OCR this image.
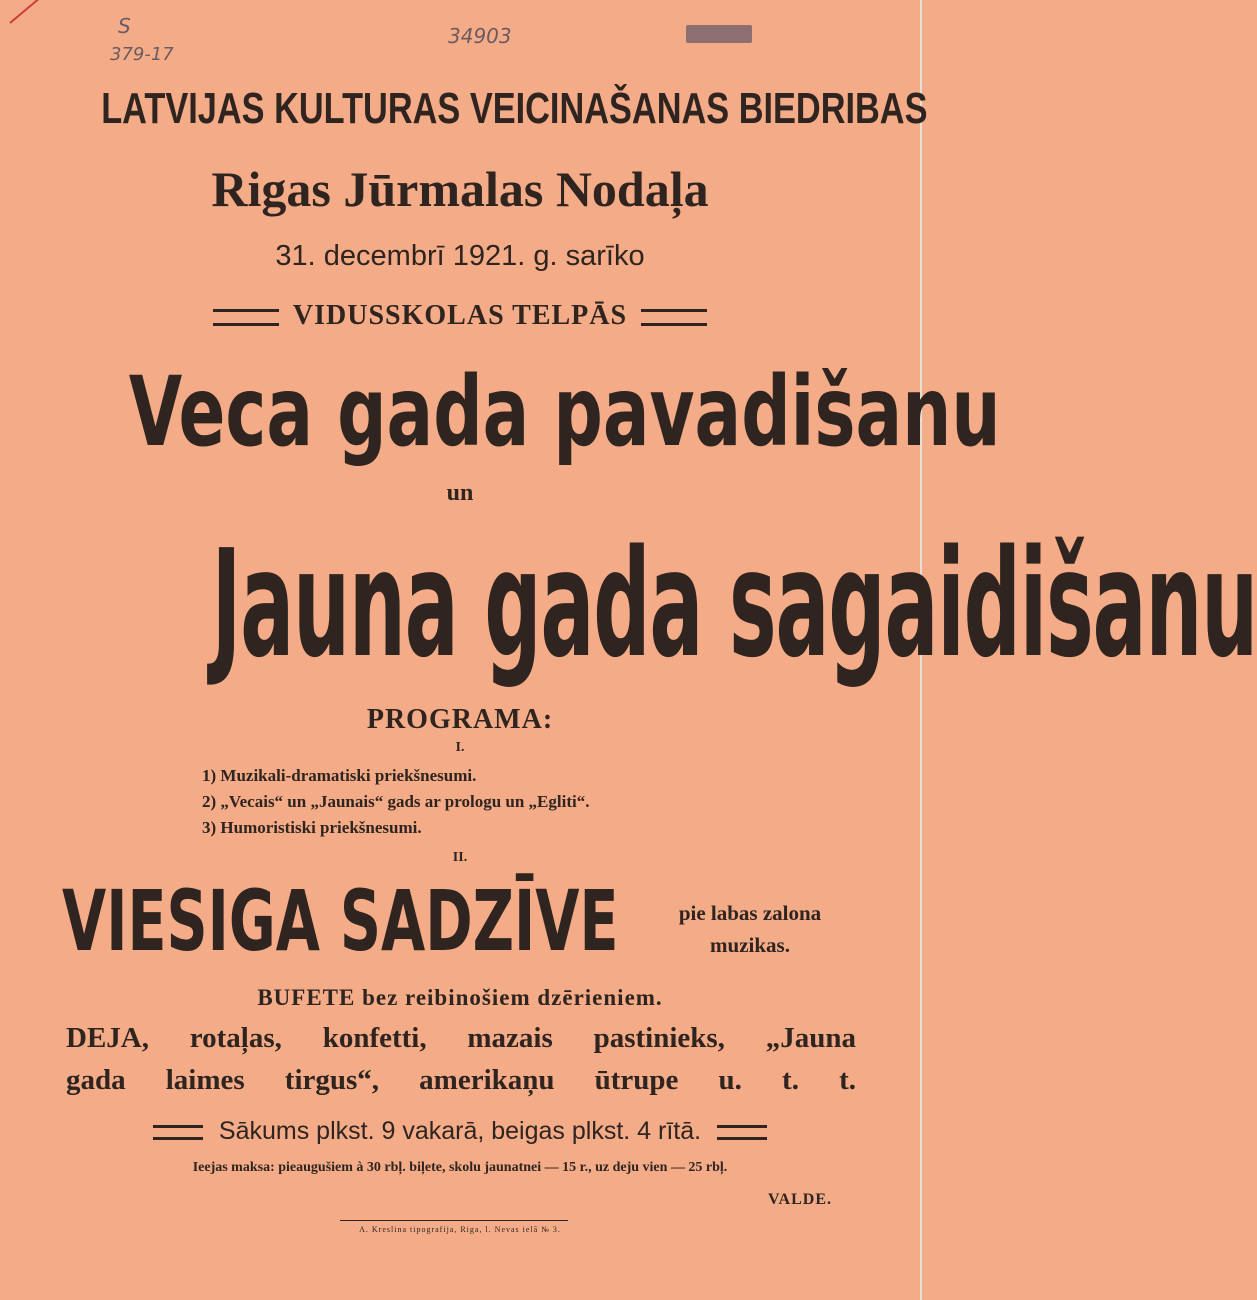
S
379-17
34903
LATVIJAS KULTURAS VEICINAŠANAS BIEDRIBAS
Rigas Jūrmalas Nodaļa
31. decembrī 1921. g. sarīko
VIDUSSKOLAS TELPĀS
Veca gada pavadišanu
un
Jauna gada sagaidišanu
PROGRAMA:
I.
1) Muzikali-dramatiski priekšnesumi.
2) „Vecais“ un „Jaunais“ gads ar prologu un „Egliti“.
3) Humoristiski priekšnesumi.
II.
VIESIGA SADZĪVE	pie labas zalona
muzikas.
BUFETE bez reibinošiem dzērieniem.
DEJA, rotaļas, konfetti, mazais pastinieks, „Jauna
gada laimes tirgus“, amerikaņu ūtrupe u. t. t.
Sākums plkst. 9 vakarā, beigas plkst. 4 rītā.
Ieejas maksa: pieaugušiem à 30 rbļ. biļete, skolu jaunatnei — 15 r., uz deju vien — 25 rbļ.
VALDE.
A. Kreslina tipografija, Riga, l. Nevas ielā № 3.
